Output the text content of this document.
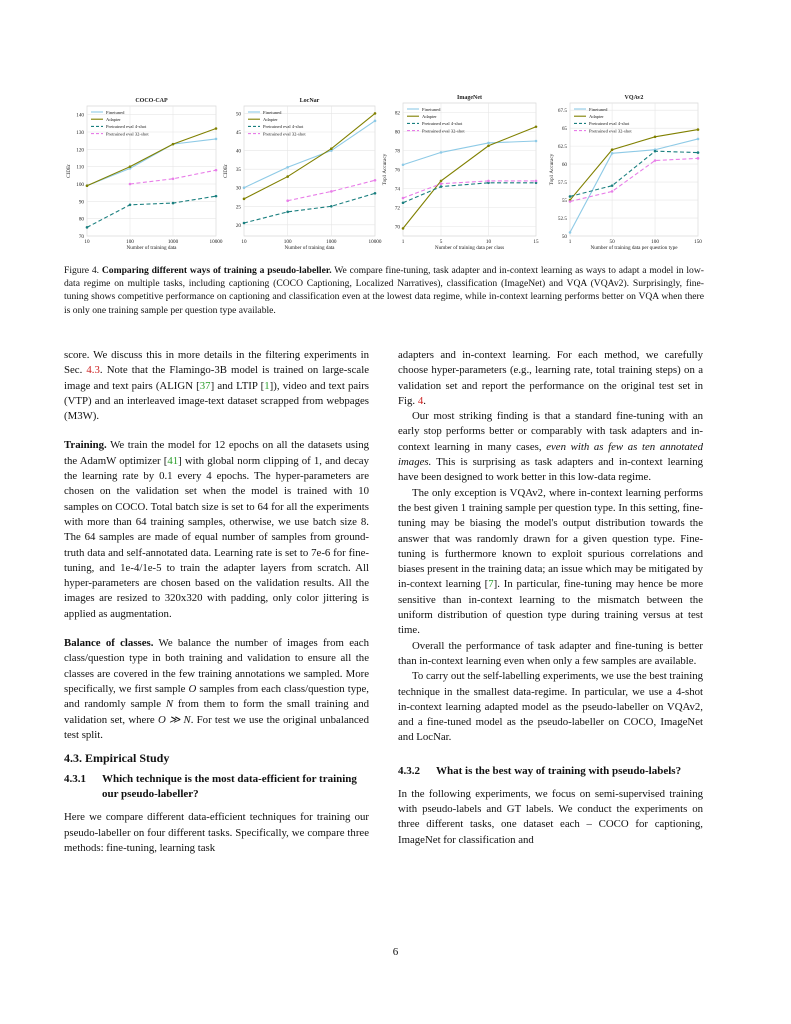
70
80
90
100
110
120
130
140
10	100	1000	10000
COCO-CAP
Number of training data
CIDEr
Finetuned
Adapter
Pretrained eval 4-shot
Pretrained eval 32-shot
20
25
30
35
40
45
50
10	100	1000	10000
LocNar
Number of training data
CIDEr
Finetuned
Adapter
Pretrained eval 4-shot
Pretrained eval 32-shot
70
72
74
76
78
80
82
1	5	10	15
ImageNet
Number of training data per class
Top1 Accuracy
Finetuned
Adapter
Pretrained eval 4-shot
Pretrained eval 32-shot
50
52.5
55
57.5
60
62.5
65
67.5
1	50	100	150
VQAv2
Number of training data per question type
Top1 Accuracy
Finetuned
Adapter
Pretrained eval 4-shot
Pretrained eval 32-shot
Figure 4. Comparing different ways of training a pseudo-labeller. We compare fine-tuning, task adapter and in-context learning as ways to adapt a model in low-data regime on multiple tasks, including captioning (COCO Captioning, Localized Narratives), classification (ImageNet) and VQA (VQAv2). Surprisingly, fine-tuning shows competitive performance on captioning and classification even at the lowest data regime, while in-context learning performs better on VQA when there is only one training sample per question type available.

score. We discuss this in more details in the filtering experiments in Sec. 4.3. Note that the Flamingo-3B model is trained on large-scale image and text pairs (ALIGN [37] and LTIP [1]), video and text pairs (VTP) and an interleaved image-text dataset scrapped from webpages (M3W).

Training. We train the model for 12 epochs on all the datasets using the AdamW optimizer [41] with global norm clipping of 1, and decay the learning rate by 0.1 every 4 epochs. The hyper-parameters are chosen on the validation set when the model is trained with 10 samples on COCO. Total batch size is set to 64 for all the experiments with more than 64 training samples, otherwise, we use batch size 8. The 64 samples are made of equal number of samples from ground-truth data and self-annotated data. Learning rate is set to 7e-6 for fine-tuning, and 1e-4/1e-5 to train the adapter layers from scratch. All hyper-parameters are chosen based on the validation results. All the images are resized to 320x320 with padding, only color jittering is applied as augmentation.

Balance of classes. We balance the number of images from each class/question type in both training and validation to ensure all the classes are covered in the few training annotations we sampled. More specifically, we first sample O samples from each class/question type, and randomly sample N from them to form the small training and validation set, where O ≫ N. For test we use the original unbalanced test split.

4.3. Empirical Study

4.3.1	Which technique is the most data-efficient for training our pseudo-labeller?

Here we compare different data-efficient techniques for training our pseudo-labeller on four different tasks. Specifically, we compare three methods: fine-tuning, learning task

adapters and in-context learning. For each method, we carefully choose hyper-parameters (e.g., learning rate, total training steps) on a validation set and report the performance on the original test set in Fig. 4.

Our most striking finding is that a standard fine-tuning with an early stop performs better or comparably with task adapters and in-context learning in many cases, even with as few as ten annotated images. This is surprising as task adapters and in-context learning have been designed to work better in this low-data regime.

The only exception is VQAv2, where in-context learning performs the best given 1 training sample per question type. In this setting, fine-tuning may be biasing the model's output distribution towards the answer that was randomly drawn for a given question type. Fine-tuning is furthermore known to exploit spurious correlations and biases present in the training data; an issue which may be mitigated by in-context learning [7]. In particular, fine-tuning may hence be more sensitive than in-context learning to the mismatch between the uniform distribution of question type during training versus at test time.

Overall the performance of task adapter and fine-tuning is better than in-context learning even when only a few samples are available.

To carry out the self-labelling experiments, we use the best training technique in the smallest data-regime. In particular, we use a 4-shot in-context learning adapted model as the pseudo-labeller on VQAv2, and a fine-tuned model as the pseudo-labeller on COCO, ImageNet and LocNar.

4.3.2	What is the best way of training with pseudo-labels?

In the following experiments, we focus on semi-supervised training with pseudo-labels and GT labels. We conduct the experiments on three different tasks, one dataset each – COCO for captioning, ImageNet for classification and

6
